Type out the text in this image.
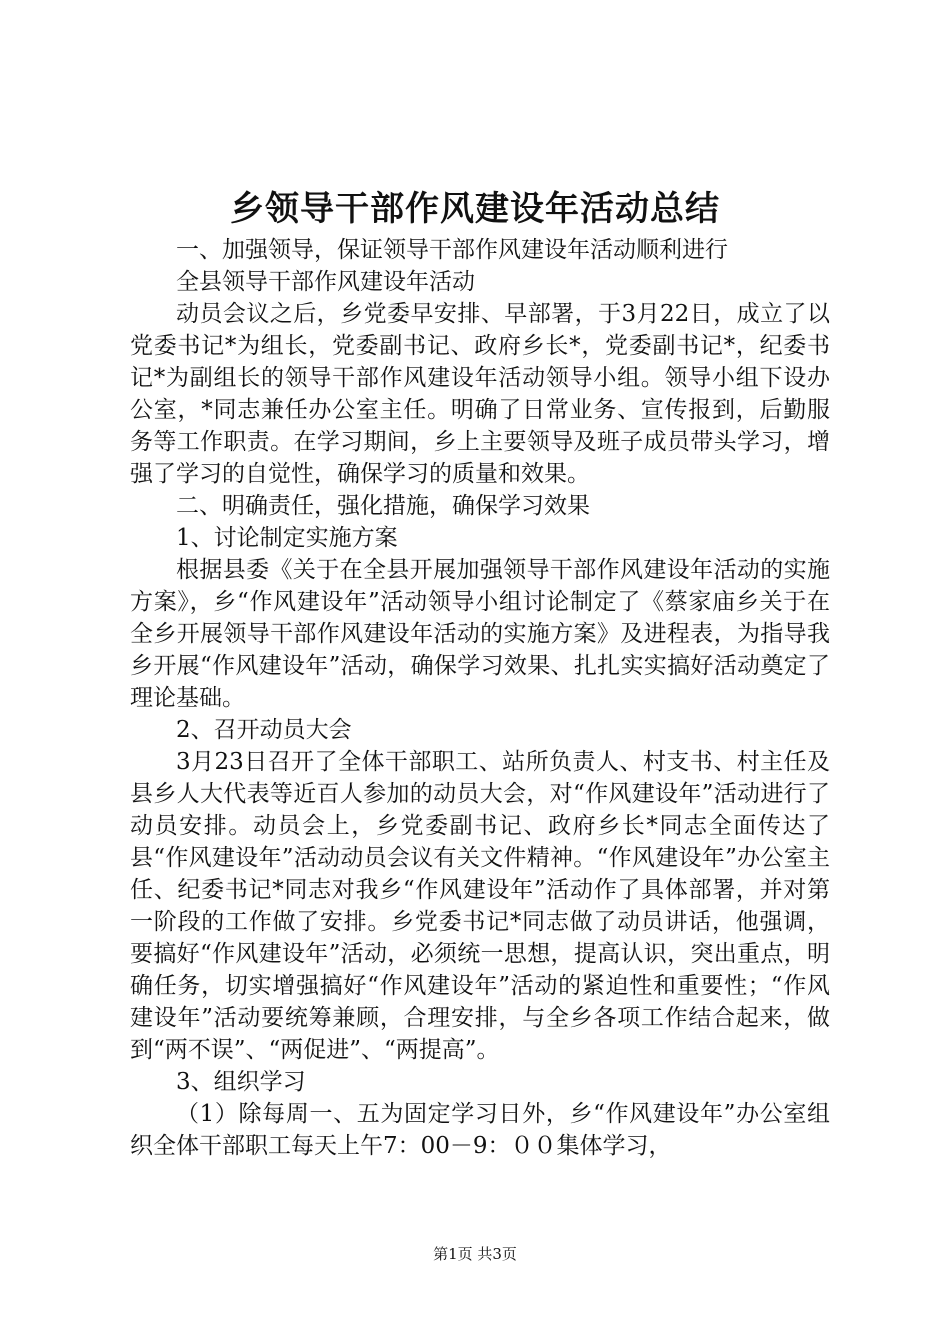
乡领导干部作风建设年活动总结

一、加强领导，保证领导干部作风建设年活动顺利进行

全县领导干部作风建设年活动

动员会议之后，乡党委早安排、早部署，于3月22日，成立了以党委书记*为组长，党委副书记、政府乡长*，党委副书记*，纪委书记*为副组长的领导干部作风建设年活动领导小组。领导小组下设办公室，*同志兼任办公室主任。明确了日常业务、宣传报到，后勤服务等工作职责。在学习期间，乡上主要领导及班子成员带头学习，增强了学习的自觉性，确保学习的质量和效果。

二、明确责任，强化措施，确保学习效果

1、讨论制定实施方案

根据县委《关于在全县开展加强领导干部作风建设年活动的实施方案》，乡“作风建设年”活动领导小组讨论制定了《蔡家庙乡关于在全乡开展领导干部作风建设年活动的实施方案》及进程表，为指导我乡开展“作风建设年”活动，确保学习效果、扎扎实实搞好活动奠定了理论基础。

2、召开动员大会

3月23日召开了全体干部职工、站所负责人、村支书、村主任及县乡人大代表等近百人参加的动员大会，对“作风建设年”活动进行了动员安排。动员会上，乡党委副书记、政府乡长*同志全面传达了县“作风建设年”活动动员会议有关文件精神。“作风建设年”办公室主任、纪委书记*同志对我乡“作风建设年”活动作了具体部署，并对第一阶段的工作做了安排。乡党委书记*同志做了动员讲话，他强调，要搞好“作风建设年”活动，必须统一思想，提高认识，突出重点，明确任务，切实增强搞好“作风建设年”活动的紧迫性和重要性；“作风建设年”活动要统筹兼顾，合理安排，与全乡各项工作结合起来，做到“两不误”、“两促进”、“两提高”。

3、组织学习

（1）除每周一、五为固定学习日外，乡“作风建设年”办公室组织全体干部职工每天上午7：00－9：００集体学习，

第1页 共3页
